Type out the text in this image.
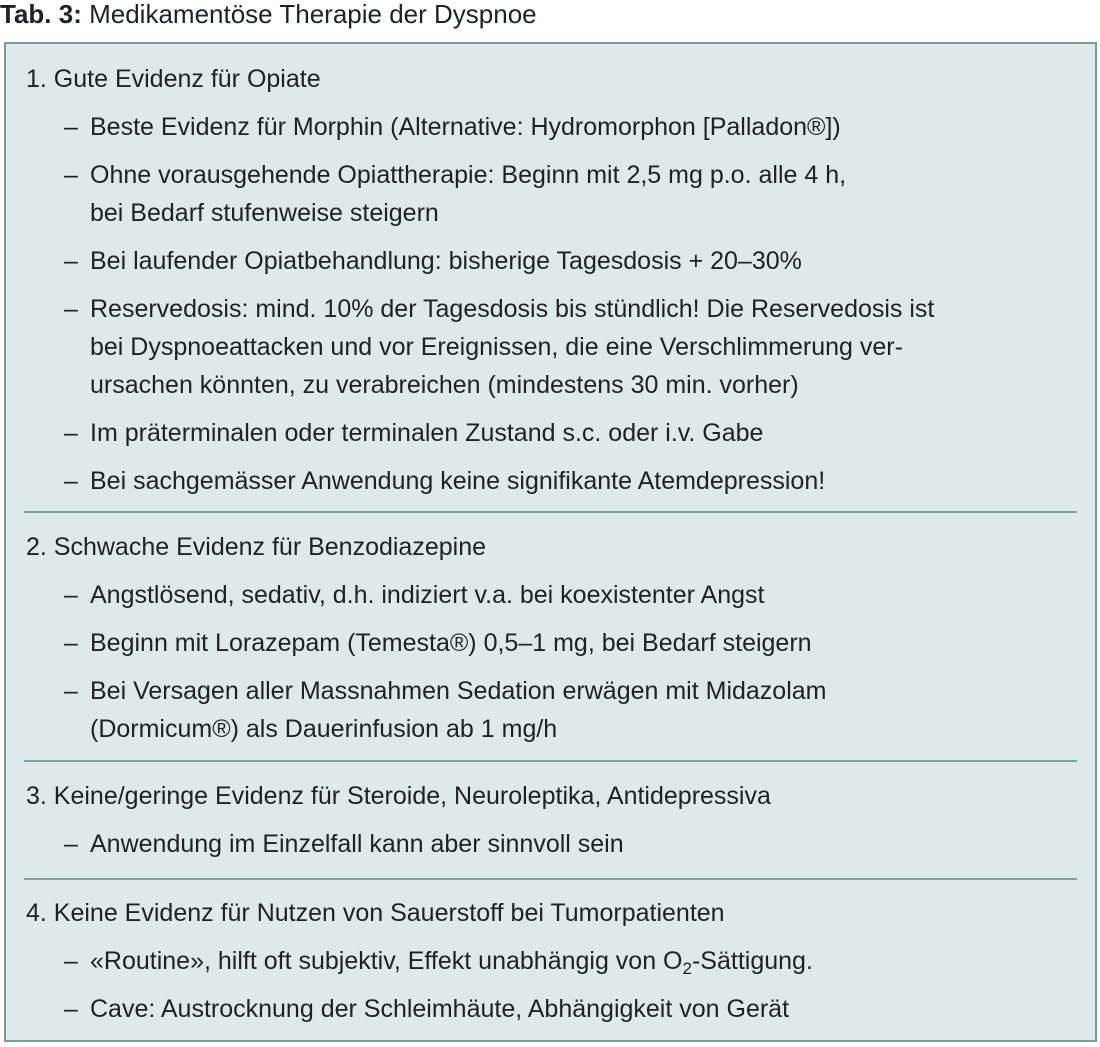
Tab. 3: Medikamentöse Therapie der Dyspnoe
1. Gute Evidenz für Opiate
– Beste Evidenz für Morphin (Alternative: Hydromorphon [Palladon®])
– Ohne vorausgehende Opiattherapie: Beginn mit 2,5 mg p.o. alle 4 h,
bei Bedarf stufenweise steigern
– Bei laufender Opiatbehandlung: bisherige Tagesdosis + 20–30%
– Reservedosis: mind. 10% der Tagesdosis bis stündlich! Die Reservedosis ist
bei Dyspnoeattacken und vor Ereignissen, die eine Verschlimmerung ver-
ursachen könnten, zu verabreichen (mindestens 30 min. vorher)
– Im präterminalen oder terminalen Zustand s.c. oder i.v. Gabe
– Bei sachgemässer Anwendung keine signifikante Atemdepression!
2. Schwache Evidenz für Benzodiazepine
– Angstlösend, sedativ, d.h. indiziert v.a. bei koexistenter Angst
– Beginn mit Lorazepam (Temesta®) 0,5–1 mg, bei Bedarf steigern
– Bei Versagen aller Massnahmen Sedation erwägen mit Midazolam
(Dormicum®) als Dauerinfusion ab 1 mg/h
3. Keine/geringe Evidenz für Steroide, Neuroleptika, Antidepressiva
– Anwendung im Einzelfall kann aber sinnvoll sein
4. Keine Evidenz für Nutzen von Sauerstoff bei Tumorpatienten
– «Routine», hilft oft subjektiv, Effekt unabhängig von $O_2$-Sättigung.
– Cave: Austrocknung der Schleimhäute, Abhängigkeit von Gerät
